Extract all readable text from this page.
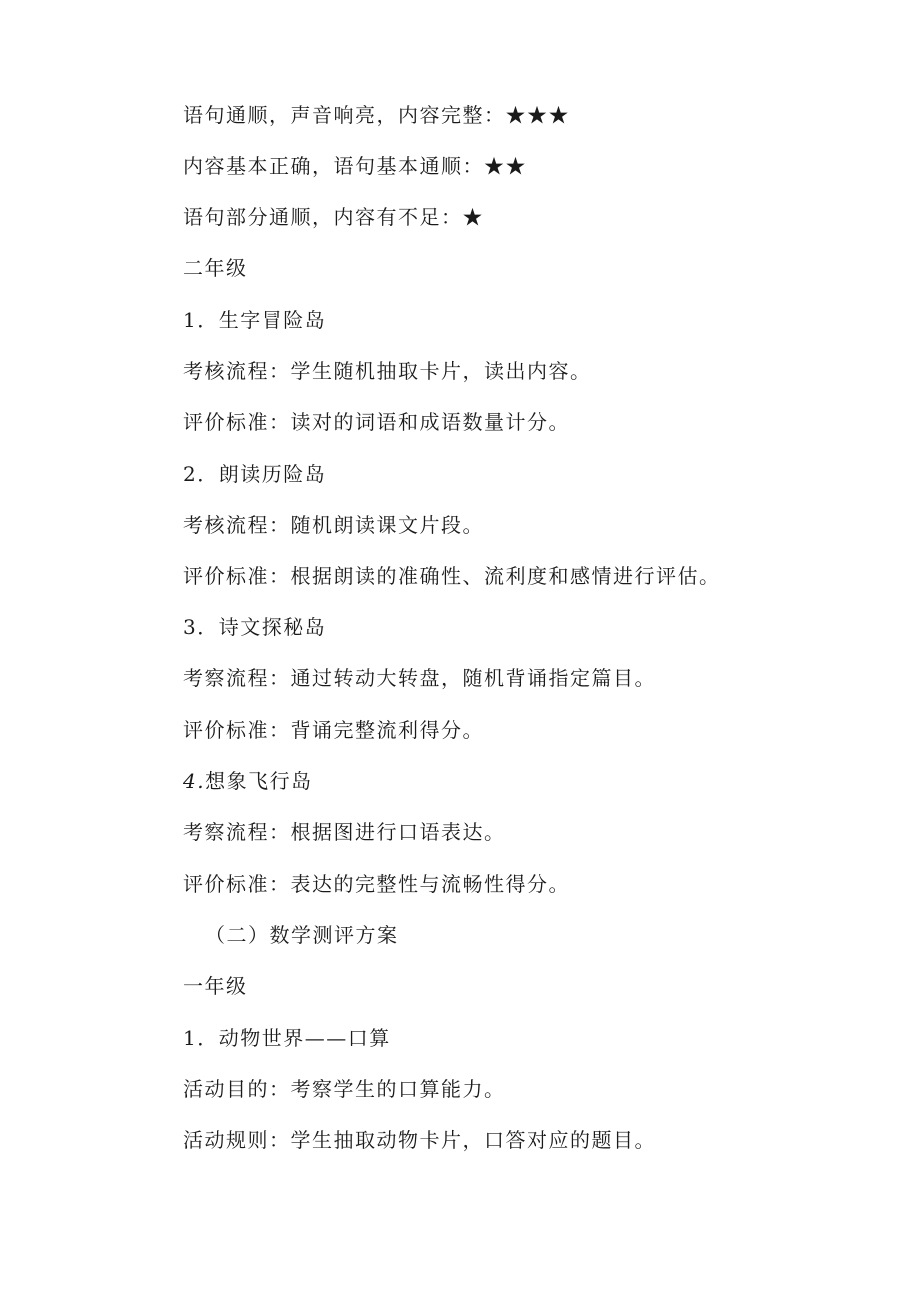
语句通顺，声音响亮，内容完整：★★★
内容基本正确，语句基本通顺：★★
语句部分通顺，内容有不足：★
二年级
1．生字冒险岛
考核流程：学生随机抽取卡片，读出内容。
评价标准：读对的词语和成语数量计分。
2．朗读历险岛
考核流程：随机朗读课文片段。
评价标准：根据朗读的准确性、流利度和感情进行评估。
3．诗文探秘岛
考察流程：通过转动大转盘，随机背诵指定篇目。
评价标准：背诵完整流利得分。
4.想象飞行岛
考察流程：根据图进行口语表达。
评价标准：表达的完整性与流畅性得分。
（二）数学测评方案
一年级
1．动物世界——口算
活动目的：考察学生的口算能力。
活动规则：学生抽取动物卡片，口答对应的题目。
